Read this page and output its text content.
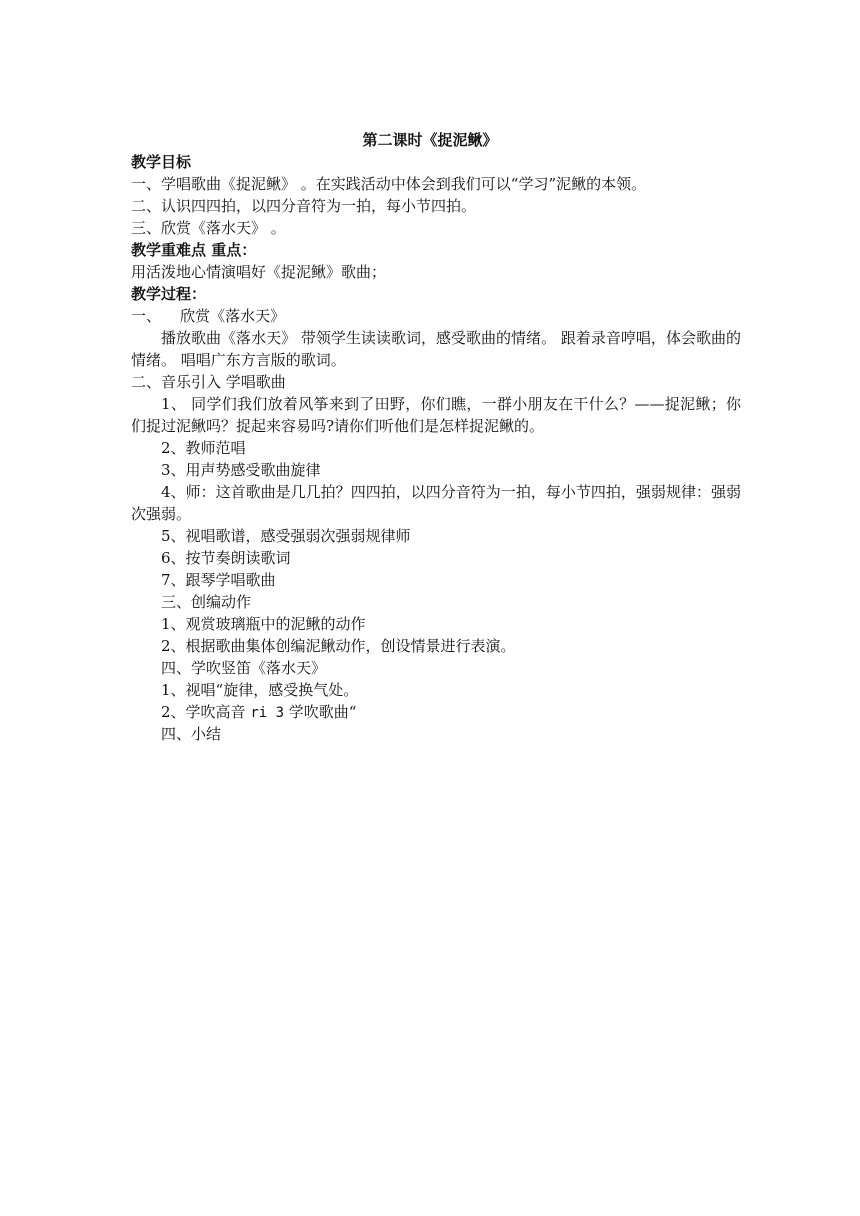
第二课时《捉泥鳅》

教学目标

一、学唱歌曲《捉泥鳅》 。在实践活动中体会到我们可以“学习”泥鳅的本领。

二、认识四四拍，以四分音符为一拍，每小节四拍。

三、欣赏《落水天》 。

教学重难点 重点：

用活泼地心情演唱好《捉泥鳅》歌曲；

教学过程：

一、    欣赏《落水天》

播放歌曲《落水天》 带领学生读读歌词，感受歌曲的情绪。 跟着录音哼唱，体会歌曲的情绪。 唱唱广东方言版的歌词。

二、音乐引入 学唱歌曲

1、 同学们我们放着风筝来到了田野，你们瞧，一群小朋友在干什么？——捉泥鳅；你们捉过泥鳅吗？捉起来容易吗?请你们听他们是怎样捉泥鳅的。

2、教师范唱

3、用声势感受歌曲旋律

4、师：这首歌曲是几几拍？四四拍，以四分音符为一拍，每小节四拍，强弱规律：强弱次强弱。

5、视唱歌谱，感受强弱次强弱规律师

6、按节奏朗读歌词

7、跟琴学唱歌曲

三、创编动作

1、观赏玻璃瓶中的泥鳅的动作

2、根据歌曲集体创编泥鳅动作，创设情景进行表演。

四、学吹竖笛《落水天》

1、视唱“旋律，感受换气处。

2、学吹高音 ri 3 学吹歌曲“

四、小结
